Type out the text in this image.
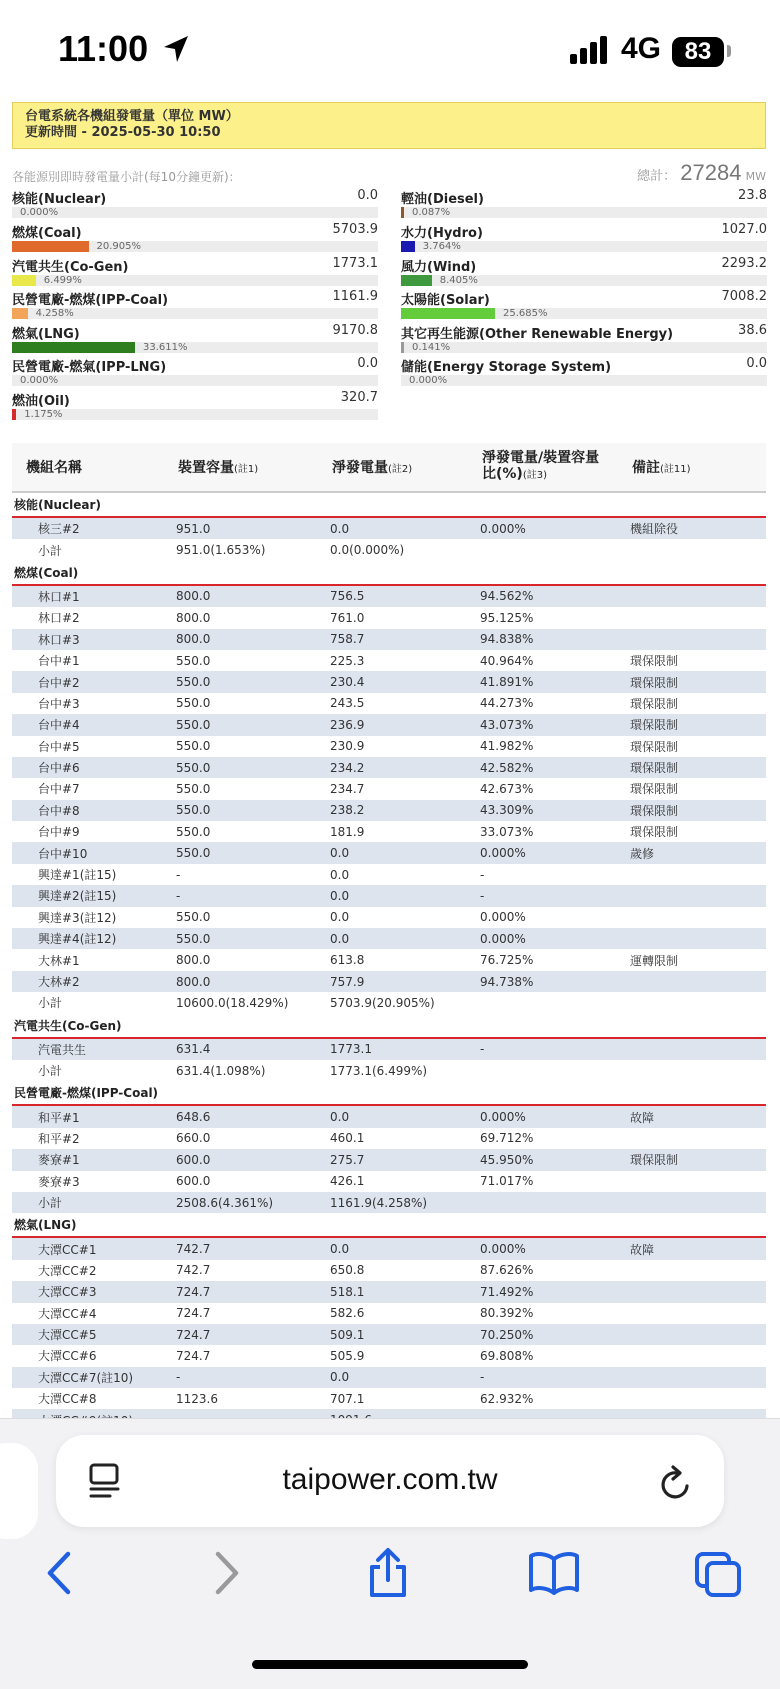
11:00	4G 83
台電系統各機組發電量（單位 MW）
更新時間 - 2025-05-30 10:50
各能源別即時發電量小計(每10分鐘更新)：	總計： 27284 MW
核能(Nuclear)	0.0
0.000%
燃煤(Coal)	5703.9
20.905%
汽電共生(Co-Gen)	1773.1
6.499%
民營電廠-燃煤(IPP-Coal)	1161.9
4.258%
燃氣(LNG)	9170.8
33.611%
民營電廠-燃氣(IPP-LNG)	0.0
0.000%
燃油(Oil)	320.7
1.175%
輕油(Diesel)	23.8
0.087%
水力(Hydro)	1027.0
3.764%
風力(Wind)	2293.2
8.405%
太陽能(Solar)	7008.2
25.685%
其它再生能源(Other Renewable Energy)	38.6
0.141%
儲能(Energy Storage System)	0.0
0.000%
機組名稱	裝置容量(註1)	淨發電量(註2)	淨發電量/裝置容量比(%)(註3)	備註(註11)
核能(Nuclear)				
核三#2	951.0	0.0	0.000%	機組除役
小計	951.0(1.653%)	0.0(0.000%)		
燃煤(Coal)				
林口#1	800.0	756.5	94.562%	
林口#2	800.0	761.0	95.125%	
林口#3	800.0	758.7	94.838%	
台中#1	550.0	225.3	40.964%	環保限制
台中#2	550.0	230.4	41.891%	環保限制
台中#3	550.0	243.5	44.273%	環保限制
台中#4	550.0	236.9	43.073%	環保限制
台中#5	550.0	230.9	41.982%	環保限制
台中#6	550.0	234.2	42.582%	環保限制
台中#7	550.0	234.7	42.673%	環保限制
台中#8	550.0	238.2	43.309%	環保限制
台中#9	550.0	181.9	33.073%	環保限制
台中#10	550.0	0.0	0.000%	歲修
興達#1(註15)	-	0.0	-	
興達#2(註15)	-	0.0	-	
興達#3(註12)	550.0	0.0	0.000%	
興達#4(註12)	550.0	0.0	0.000%	
大林#1	800.0	613.8	76.725%	運轉限制
大林#2	800.0	757.9	94.738%	
小計	10600.0(18.429%)	5703.9(20.905%)		
汽電共生(Co-Gen)				
汽電共生	631.4	1773.1	-	
小計	631.4(1.098%)	1773.1(6.499%)		
民營電廠-燃煤(IPP-Coal)				
和平#1	648.6	0.0	0.000%	故障
和平#2	660.0	460.1	69.712%	
麥寮#1	600.0	275.7	45.950%	環保限制
麥寮#3	600.0	426.1	71.017%	
小計	2508.6(4.361%)	1161.9(4.258%)		
燃氣(LNG)				
大潭CC#1	742.7	0.0	0.000%	故障
大潭CC#2	742.7	650.8	87.626%	
大潭CC#3	724.7	518.1	71.492%	
大潭CC#4	724.7	582.6	80.392%	
大潭CC#5	724.7	509.1	70.250%	
大潭CC#6	724.7	505.9	69.808%	
大潭CC#7(註10)	-	0.0	-	
大潭CC#8	1123.6	707.1	62.932%	

taipower.com.tw
